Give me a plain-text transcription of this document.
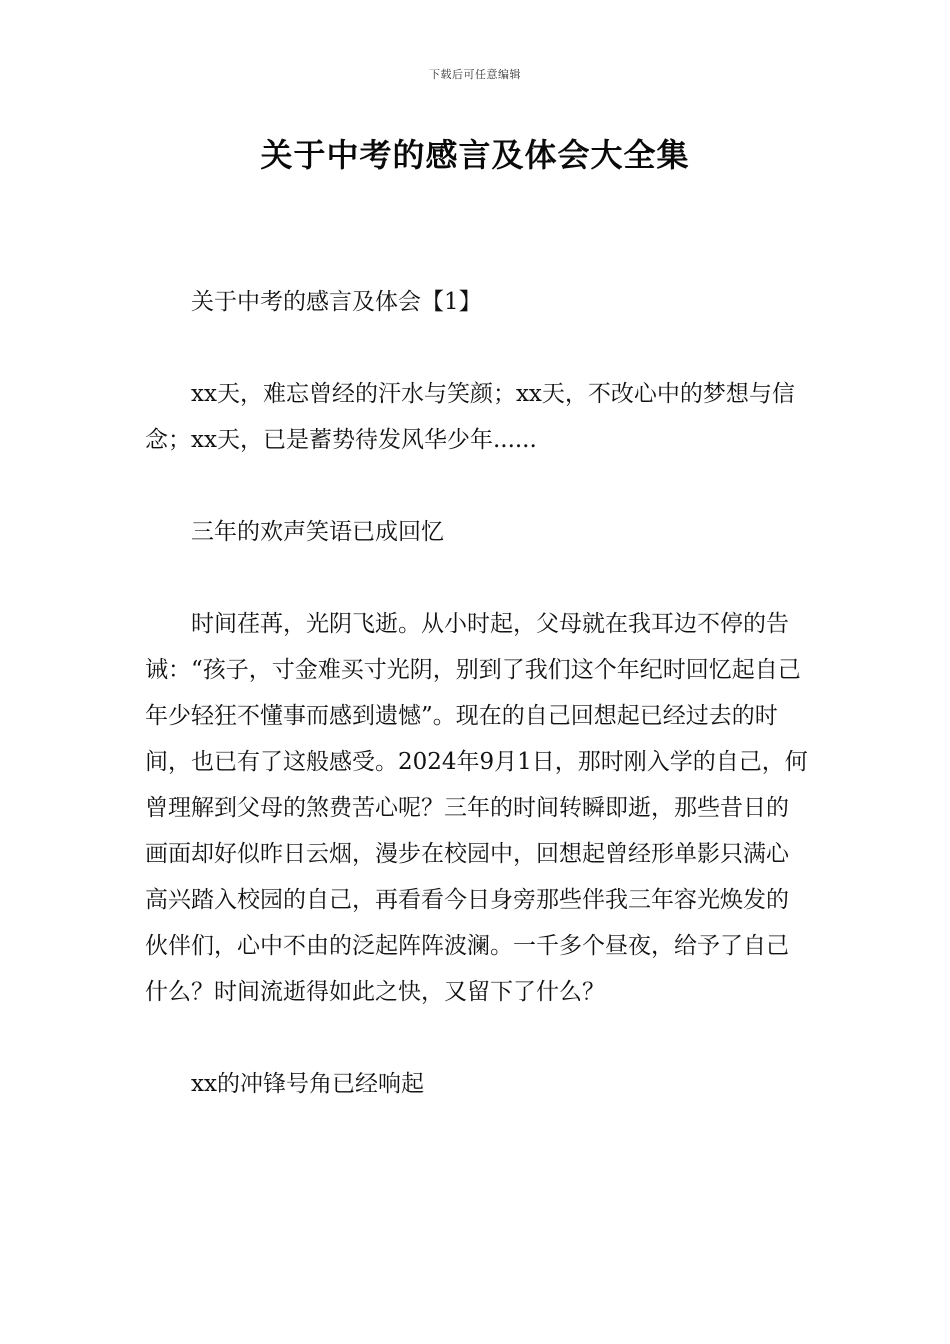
下载后可任意编辑
关于中考的感言及体会大全集

关于中考的感言及体会【1】

xx天，难忘曾经的汗水与笑颜；xx天，不改心中的梦想与信念；xx天，已是蓄势待发风华少年......

三年的欢声笑语已成回忆

时间荏苒，光阴飞逝。从小时起，父母就在我耳边不停的告诫：“孩子，寸金难买寸光阴，别到了我们这个年纪时回忆起自己年少轻狂不懂事而感到遗憾”。现在的自己回想起已经过去的时间，也已有了这般感受。2024年9月1日，那时刚入学的自己，何曾理解到父母的煞费苦心呢？三年的时间转瞬即逝，那些昔日的画面却好似昨日云烟，漫步在校园中，回想起曾经形单影只满心高兴踏入校园的自己，再看看今日身旁那些伴我三年容光焕发的伙伴们，心中不由的泛起阵阵波澜。一千多个昼夜，给予了自己什么？时间流逝得如此之快，又留下了什么？

xx的冲锋号角已经响起
